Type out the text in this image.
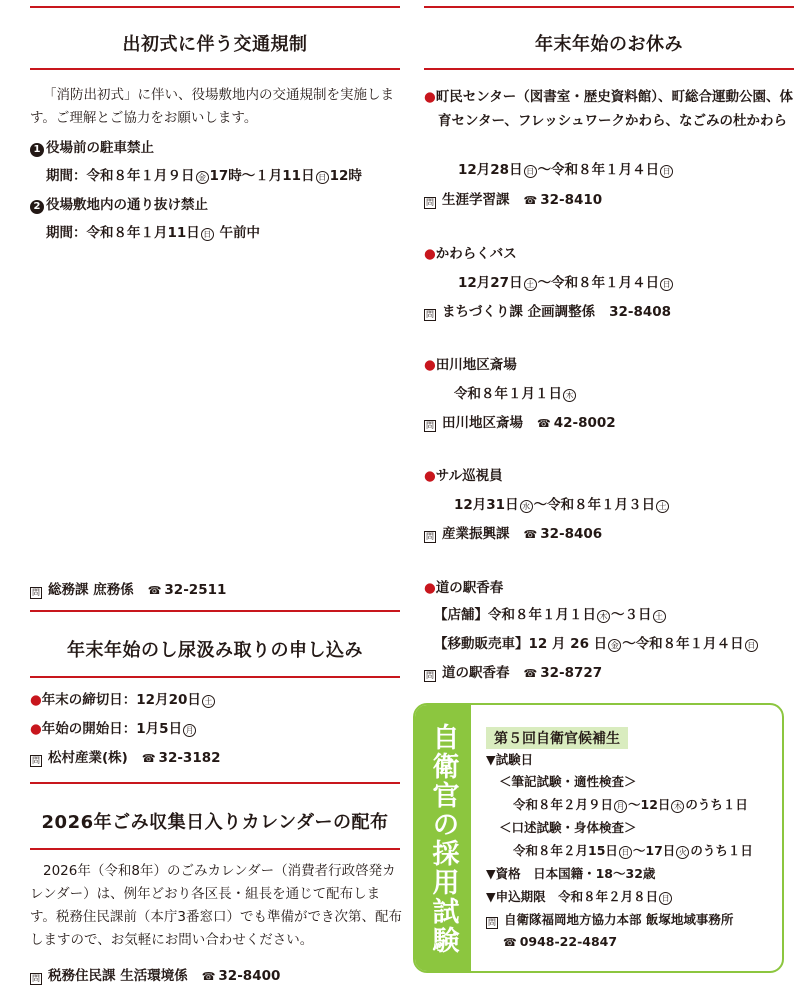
出初式に伴う交通規制
「消防出初式」に伴い、役場敷地内の交通規制を実施します。ご理解とご協力をお願いします。
1 役場前の駐車禁止
期間：令和８年１月９日 金 17時～１月11日 日 12時
2 役場敷地内の通り抜け禁止
期間：令和８年１月11日 日 午前中
問 総務課 庶務係 ☎ 32-2511
年末年始のし尿汲み取りの申し込み
●年末の締切日：12月20日 土
●年始の開始日：1月5日 月
問 松村産業(株) ☎ 32-3182
2026年ごみ収集日入りカレンダーの配布
2026年（令和8年）のごみカレンダー（消費者行政啓発カレンダー）は、例年どおり各区長・組長を通じて配布します。税務住民課前（本庁3番窓口）でも準備ができ次第、配布しますので、お気軽にお問い合わせください。
問 税務住民課 生活環境係 ☎ 32-8400
年末年始のお休み
●町民センター（図書室・歴史資料館）、町総合運動公園、体育センター、フレッシュワークかわら、なごみの杜かわら
12月28日 日 ～令和８年１月４日 日
問 生涯学習課 ☎ 32-8410
●かわらくバス
12月27日 土 ～令和８年１月４日 日
問 まちづくり課 企画調整係 32-8408
●田川地区斎場
令和８年１月１日 木
問 田川地区斎場 ☎ 42-8002
●サル巡視員
12月31日 水 ～令和８年１月３日 土
問 産業振興課 ☎ 32-8406
●道の駅香春
【店舗】令和８年１月１日 木 ～３日 土
【移動販売車】12 月 26 日 金 ～令和８年１月４日 日
問 道の駅香春 ☎ 32-8727
自衛官の採用試験	第５回自衛官候補生
▼試験日
＜筆記試験・適性検査＞
令和８年２月９日 月 ～12日 木 のうち１日
＜口述試験・身体検査＞
令和８年２月15日 日 ～17日 火 のうち１日
▼資格　日本国籍・18～32歳
▼申込期限　令和８年２月８日 日
問 自衛隊福岡地方協力本部 飯塚地域事務所
☎ 0948-22-4847
